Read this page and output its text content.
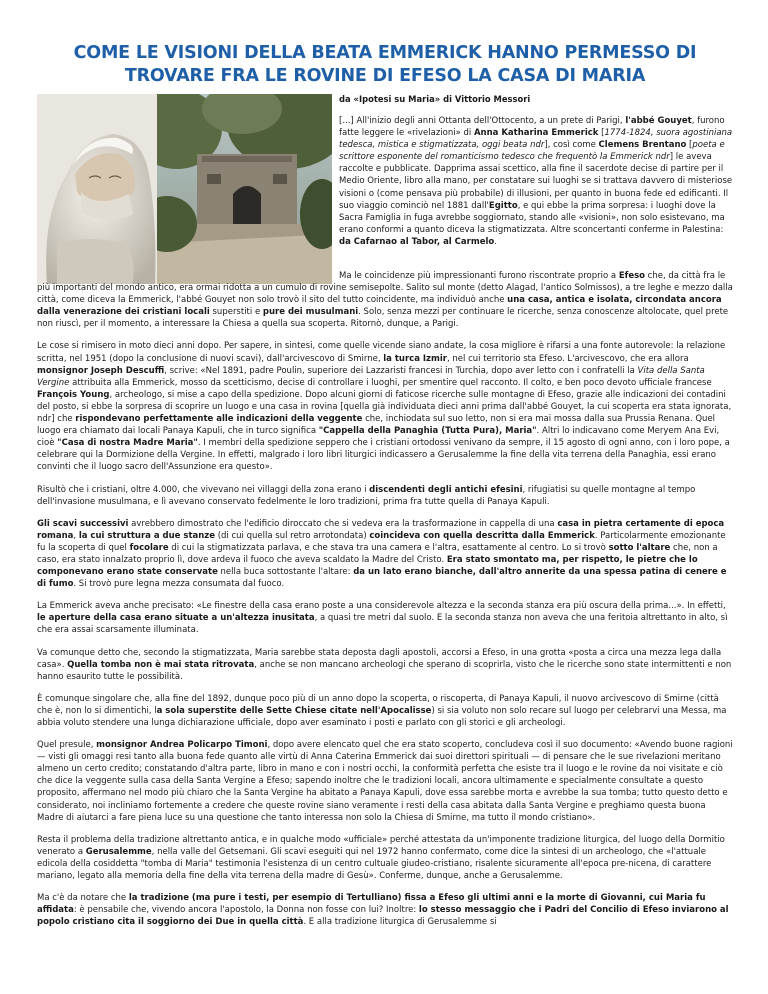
COME LE VISIONI DELLA BEATA EMMERICK HANNO PERMESSO DI TROVARE FRA LE ROVINE DI EFESO LA CASA DI MARIA
da «Ipotesi su Maria» di Vittorio Messori

[...] All'inizio degli anni Ottanta dell'Ottocento, a un prete di Parigi, l'abbé Gouyet, furono fatte leggere le «rivelazioni» di Anna Katharina Emmerick [1774-1824, suora agostiniana tedesca, mistica e stigmatizzata, oggi beata ndr], così come Clemens Brentano [poeta e scrittore esponente del romanticismo tedesco che frequentò la Emmerick ndr] le aveva raccolte e pubblicate. Dapprima assai scettico, alla fine il sacerdote decise di partire per il Medio Oriente, libro alla mano, per constatare sui luoghi se si trattava davvero di misteriose visioni o (come pensava più probabile) di illusioni, per quanto in buona fede ed edificanti. Il suo viaggio cominciò nel 1881 dall'Egitto, e qui ebbe la prima sorpresa: i luoghi dove la Sacra Famiglia in fuga avrebbe soggiornato, stando alle «visioni», non solo esistevano, ma erano conformi a quanto diceva la stigmatizzata. Altre sconcertanti conferme in Palestina: da Cafarnao al Tabor, al Carmelo.

Ma le coincidenze più impressionanti furono riscontrate proprio a Efeso che, da città fra le più importanti del mondo antico, era ormai ridotta a un cumulo di rovine semisepolte. Salito sul monte (detto Alagad, l'antico Solmissos), a tre leghe e mezzo dalla città, come diceva la Emmerick, l'abbé Gouyet non solo trovò il sito del tutto coincidente, ma individuò anche una casa, antica e isolata, circondata ancora dalla venerazione dei cristiani locali superstiti e pure dei musulmani. Solo, senza mezzi per continuare le ricerche, senza conoscenze altolocate, quel prete non riuscì, per il momento, a interessare la Chiesa a quella sua scoperta. Ritornò, dunque, a Parigi.

Le cose si rimisero in moto dieci anni dopo. Per sapere, in sintesi, come quelle vicende siano andate, la cosa migliore è rifarsi a una fonte autorevole: la relazione scritta, nel 1951 (dopo la conclusione di nuovi scavi), dall'arcivescovo di Smirne, la turca Izmir, nel cui territorio sta Efeso. L'arcivescovo, che era allora monsignor Joseph Descuffi, scrive: «Nel 1891, padre Poulin, superiore dei Lazzaristi francesi in Turchia, dopo aver letto con i confratelli la Vita della Santa Vergine attribuita alla Emmerick, mosso da scetticismo, decise di controllare i luoghi, per smentire quel racconto. Il colto, e ben poco devoto ufficiale francese François Young, archeologo, si mise a capo della spedizione. Dopo alcuni giorni di faticose ricerche sulle montagne di Efeso, grazie alle indicazioni dei contadini del posto, si ebbe la sorpresa di scoprire un luogo e una casa in rovina [quella già individuata dieci anni prima dall'abbé Gouyet, la cui scoperta era stata ignorata, ndr] che rispondevano perfettamente alle indicazioni della veggente che, inchiodata sul suo letto, non si era mai mossa dalla sua Prussia Renana. Quel luogo era chiamato dai locali Panaya Kapuli, che in turco significa "Cappella della Panaghia (Tutta Pura), Maria". Altri lo indicavano come Meryem Ana Evi, cioè "Casa di nostra Madre Maria". I membri della spedizione seppero che i cristiani ortodossi venivano da sempre, il 15 agosto di ogni anno, con i loro pope, a celebrare qui la Dormizione della Vergine. In effetti, malgrado i loro libri liturgici indicassero a Gerusalemme la fine della vita terrena della Panaghia, essi erano convinti che il luogo sacro dell'Assunzione era questo».

Risultò che i cristiani, oltre 4.000, che vivevano nei villaggi della zona erano i discendenti degli antichi efesini, rifugiatisi su quelle montagne al tempo dell'invasione musulmana, e lì avevano conservato fedelmente le loro tradizioni, prima fra tutte quella di Panaya Kapuli.

Gli scavi successivi avrebbero dimostrato che l'edificio diroccato che si vedeva era la trasformazione in cappella di una casa in pietra certamente di epoca romana, la cui struttura a due stanze (di cui quella sul retro arrotondata) coincideva con quella descritta dalla Emmerick. Particolarmente emozionante fu la scoperta di quel focolare di cui la stigmatizzata parlava, e che stava tra una camera e l'altra, esattamente al centro. Lo si trovò sotto l'altare che, non a caso, era stato innalzato proprio lì, dove ardeva il fuoco che aveva scaldato la Madre del Cristo. Era stato smontato ma, per rispetto, le pietre che lo componevano erano state conservate nella buca sottostante l'altare: da un lato erano bianche, dall'altro annerite da una spessa patina di cenere e di fumo. Si trovò pure legna mezza consumata dal fuoco.

La Emmerick aveva anche precisato: «Le finestre della casa erano poste a una considerevole altezza e la seconda stanza era più oscura della prima...». In effetti, le aperture della casa erano situate a un'altezza inusitata, a quasi tre metri dal suolo. E la seconda stanza non aveva che una feritoia altrettanto in alto, sì che era assai scarsamente illuminata.

Va comunque detto che, secondo la stigmatizzata, Maria sarebbe stata deposta dagli apostoli, accorsi a Efeso, in una grotta «posta a circa una mezza lega dalla casa». Quella tomba non è mai stata ritrovata, anche se non mancano archeologi che sperano di scoprirla, visto che le ricerche sono state intermittenti e non hanno esaurito tutte le possibilità.

È comunque singolare che, alla fine del 1892, dunque poco più di un anno dopo la scoperta, o riscoperta, di Panaya Kapuli, il nuovo arcivescovo di Smirne (città che è, non lo si dimentichi, la sola superstite delle Sette Chiese citate nell'Apocalisse) si sia voluto non solo recare sul luogo per celebrarvi una Messa, ma abbia voluto stendere una lunga dichiarazione ufficiale, dopo aver esaminato i posti e parlato con gli storici e gli archeologi.

Quel presule, monsignor Andrea Policarpo Timoni, dopo avere elencato quel che era stato scoperto, concludeva così il suo documento: «Avendo buone ragioni — visti gli omaggi resi tanto alla buona fede quanto alle virtù di Anna Caterina Emmerick dai suoi direttori spirituali — di pensare che le sue rivelazioni meritano almeno un certo credito; constatando d'altra parte, libro in mano e con i nostri occhi, la conformità perfetta che esiste tra il luogo e le rovine da noi visitate e ciò che dice la veggente sulla casa della Santa Vergine a Efeso; sapendo inoltre che le tradizioni locali, ancora ultimamente e specialmente consultate a questo proposito, affermano nel modo più chiaro che la Santa Vergine ha abitato a Panaya Kapuli, dove essa sarebbe morta e avrebbe la sua tomba; tutto questo detto e considerato, noi incliniamo fortemente a credere che queste rovine siano veramente i resti della casa abitata dalla Santa Vergine e preghiamo questa buona Madre di aiutarci a fare piena luce su una questione che tanto interessa non solo la Chiesa di Smirne, ma tutto il mondo cristiano».

Resta il problema della tradizione altrettanto antica, e in qualche modo «ufficiale» perché attestata da un'imponente tradizione liturgica, del luogo della Dormitio venerato a Gerusalemme, nella valle del Getsemani. Gli scavi eseguiti qui nel 1972 hanno confermato, come dice la sintesi di un archeologo, che «l'attuale edicola della cosiddetta "tomba di Maria" testimonia l'esistenza di un centro cultuale giudeo-cristiano, risalente sicuramente all'epoca pre-nicena, di carattere mariano, legato alla memoria della fine della vita terrena della madre di Gesù». Conferme, dunque, anche a Gerusalemme.

Ma c'è da notare che la tradizione (ma pure i testi, per esempio di Tertulliano) fissa a Efeso gli ultimi anni e la morte di Giovanni, cui Maria fu affidata: è pensabile che, vivendo ancora l'apostolo, la Donna non fosse con lui? Inoltre: lo stesso messaggio che i Padri del Concilio di Efeso inviarono al popolo cristiano cita il soggiorno dei Due in quella città. E alla tradizione liturgica di Gerusalemme si
